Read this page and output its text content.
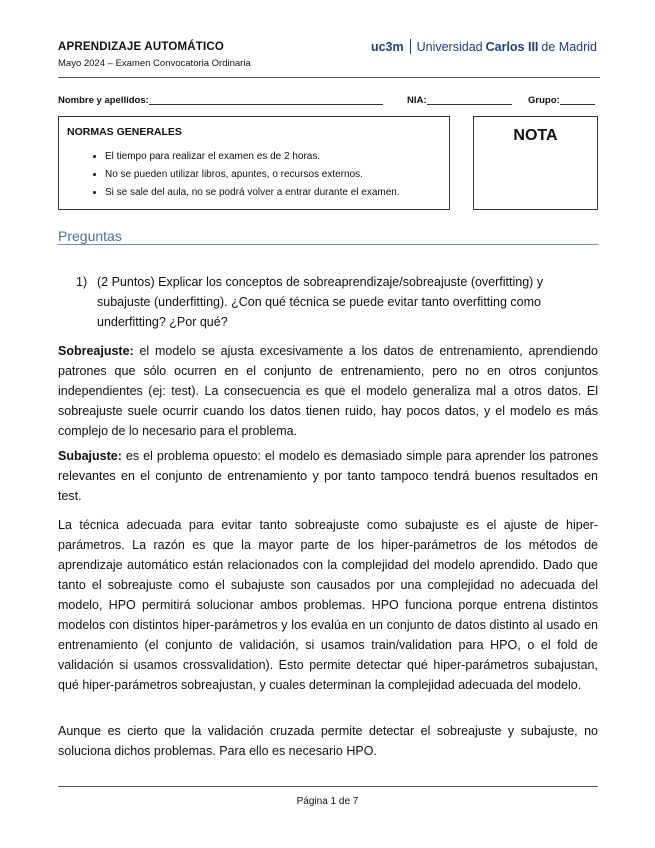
APRENDIZAJE AUTOMÁTICO
Mayo 2024 – Examen Convocatoria Ordinaria
uc3m Universidad Carlos III de Madrid
Nombre y apellidos:	NIA:	Grupo:
NORMAS GENERALES
• El tiempo para realizar el examen es de 2 horas.
• No se pueden utilizar libros, apuntes, o recursos externos.
• Si se sale del aula, no se podrá volver a entrar durante el examen.
NOTA
Preguntas
1) (2 Puntos) Explicar los conceptos de sobreaprendizaje/sobreajuste (overfitting) y subajuste (underfitting). ¿Con qué técnica se puede evitar tanto overfitting como underfitting? ¿Por qué?
Sobreajuste: el modelo se ajusta excesivamente a los datos de entrenamiento, aprendiendo patrones que sólo ocurren en el conjunto de entrenamiento, pero no en otros conjuntos independientes (ej: test). La consecuencia es que el modelo generaliza mal a otros datos. El sobreajuste suele ocurrir cuando los datos tienen ruido, hay pocos datos, y el modelo es más complejo de lo necesario para el problema.
Subajuste: es el problema opuesto: el modelo es demasiado simple para aprender los patrones relevantes en el conjunto de entrenamiento y por tanto tampoco tendrá buenos resultados en test.
La técnica adecuada para evitar tanto sobreajuste como subajuste es el ajuste de hiper-parámetros. La razón es que la mayor parte de los hiper-parámetros de los métodos de aprendizaje automático están relacionados con la complejidad del modelo aprendido. Dado que tanto el sobreajuste como el subajuste son causados por una complejidad no adecuada del modelo, HPO permitirá solucionar ambos problemas. HPO funciona porque entrena distintos modelos con distintos hiper-parámetros y los evalúa en un conjunto de datos distinto al usado en entrenamiento (el conjunto de validación, si usamos train/validation para HPO, o el fold de validación si usamos crossvalidation). Esto permite detectar qué hiper-parámetros subajustan, qué hiper-parámetros sobreajustan, y cuales determinan la complejidad adecuada del modelo.
Aunque es cierto que la validación cruzada permite detectar el sobreajuste y subajuste, no soluciona dichos problemas. Para ello es necesario HPO.
Página 1 de 7
